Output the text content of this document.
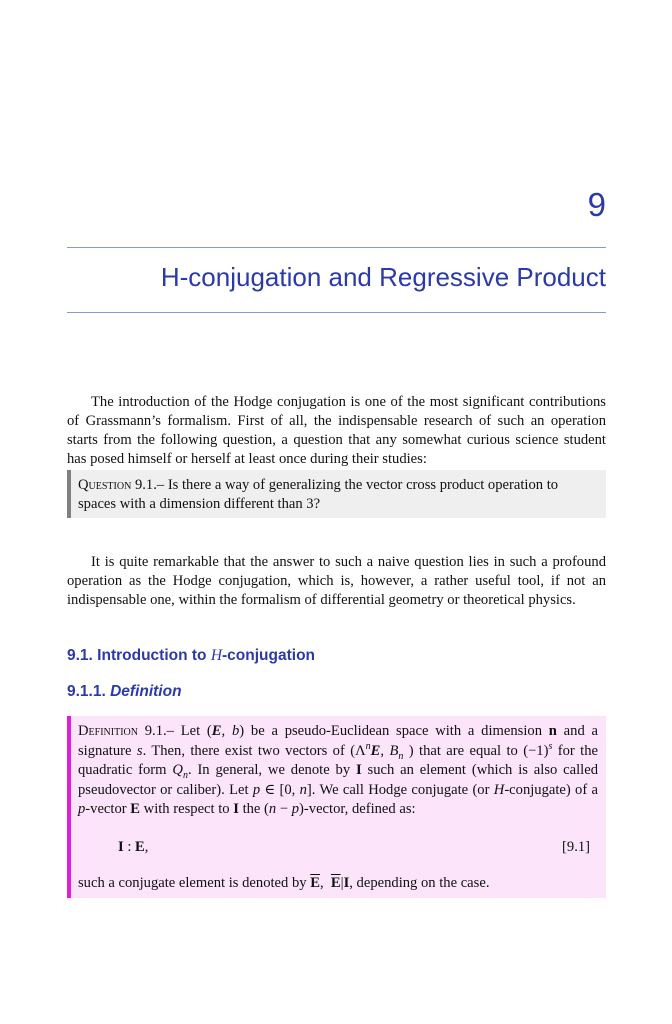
9
H-conjugation and Regressive Product

The introduction of the Hodge conjugation is one of the most significant contributions of Grassmann’s formalism. First of all, the indispensable research of such an operation starts from the following question, a question that any somewhat curious science student has posed himself or herself at least once during their studies:

Question 9.1.– Is there a way of generalizing the vector cross product operation to spaces with a dimension different than 3?

It is quite remarkable that the answer to such a naive question lies in such a profound operation as the Hodge conjugation, which is, however, a rather useful tool, if not an indispensable one, within the formalism of differential geometry or theoretical physics.

9.1. Introduction to H-conjugation
9.1.1. Definition
Definition 9.1.– Let (E, b) be a pseudo-Euclidean space with a dimension n and a signature s. Then, there exist two vectors of ($\Lambda^nE$, $B_n$ ) that are equal to $(-1)^s$ for the quadratic form $Q_n$. In general, we denote by I such an element (which is also called pseudovector or caliber). Let p ∈ [0, n]. We call Hodge conjugate (or H-conjugate) of a p-vector E with respect to I the (n − p)-vector, defined as:
I : E,	[9.1]
such a conjugate element is denoted by $\overline{E}$,  $\overline{E}|I$, depending on the case.
